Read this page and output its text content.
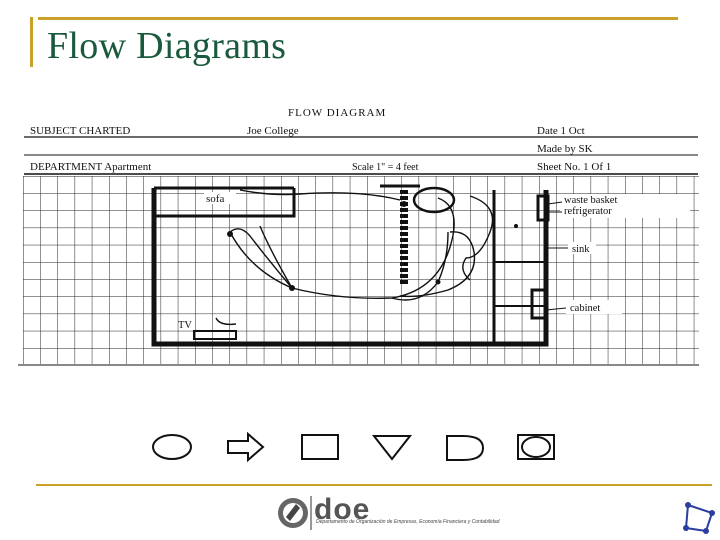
Flow Diagrams
FLOW DIAGRAM
SUBJECT CHARTED	Joe College	Date 1 Oct
Made by SK
DEPARTMENT Apartment	Scale 1" = 4 feet	Sheet No. 1 Of 1
sofa	waste basket
refrigerator
sink
cabinet
TV
doe
Departamento de Organización de Empresas, Economía Financiera y Contabilidad
